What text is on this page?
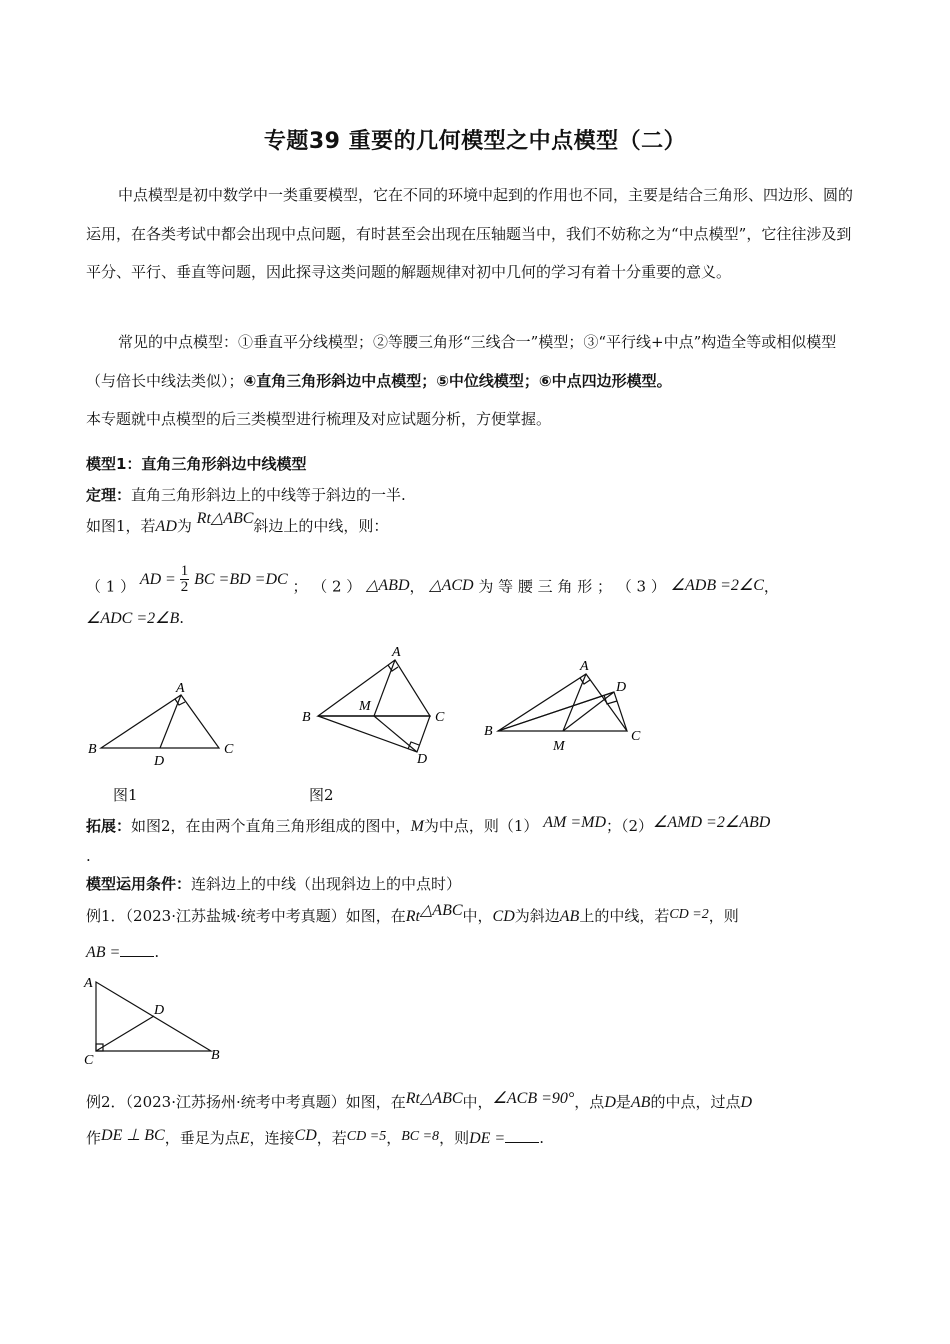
专题39 重要的几何模型之中点模型（二）
中点模型是初中数学中一类重要模型，它在不同的环境中起到的作用也不同，主要是结合三角形、四边形、圆的运用，在各类考试中都会出现中点问题，有时甚至会出现在压轴题当中，我们不妨称之为“中点模型”，它往往涉及到平分、平行、垂直等问题，因此探寻这类问题的解题规律对初中几何的学习有着十分重要的意义。
常见的中点模型：①垂直平分线模型；②等腰三角形“三线合一”模型；③“平行线+中点”构造全等或相似模型（与倍长中线法类似）；④直角三角形斜边中点模型；⑤中位线模型；⑥中点四边形模型。
本专题就中点模型的后三类模型进行梳理及对应试题分析，方便掌握。
模型1：直角三角形斜边中线模型
定理：直角三角形斜边上的中线等于斜边的一半.
如图1，若AD为 Rt△ABC斜边上的中线，则：
（ 1 ） AD = $\frac{1}{2}$ BC =BD =DC ； （ 2 ） △ABD， △ACD 为 等 腰 三 角 形 ； （ 3 ） ∠ADB =2∠C，
∠ADC =2∠B.
A
B	C
D
A
B	C
D
M
A
B	C
D
M
图1	图2
拓展：如图2，在由两个直角三角形组成的图中，M为中点，则（1） AM =MD；（2）∠AMD =2∠ABD
.
模型运用条件：连斜边上的中线（出现斜边上的中点时）
例1．（2023·江苏盐城·统考中考真题）如图，在Rt△ABC中，CD为斜边AB上的中线，若CD =2，则
AB = .
A
D
C	B
例2．（2023·江苏扬州·统考中考真题）如图，在Rt△ABC中，∠ACB =90°，点D是AB的中点，过点D
作DE ⊥ BC，垂足为点E，连接CD，若CD =5，BC =8，则DE = .
